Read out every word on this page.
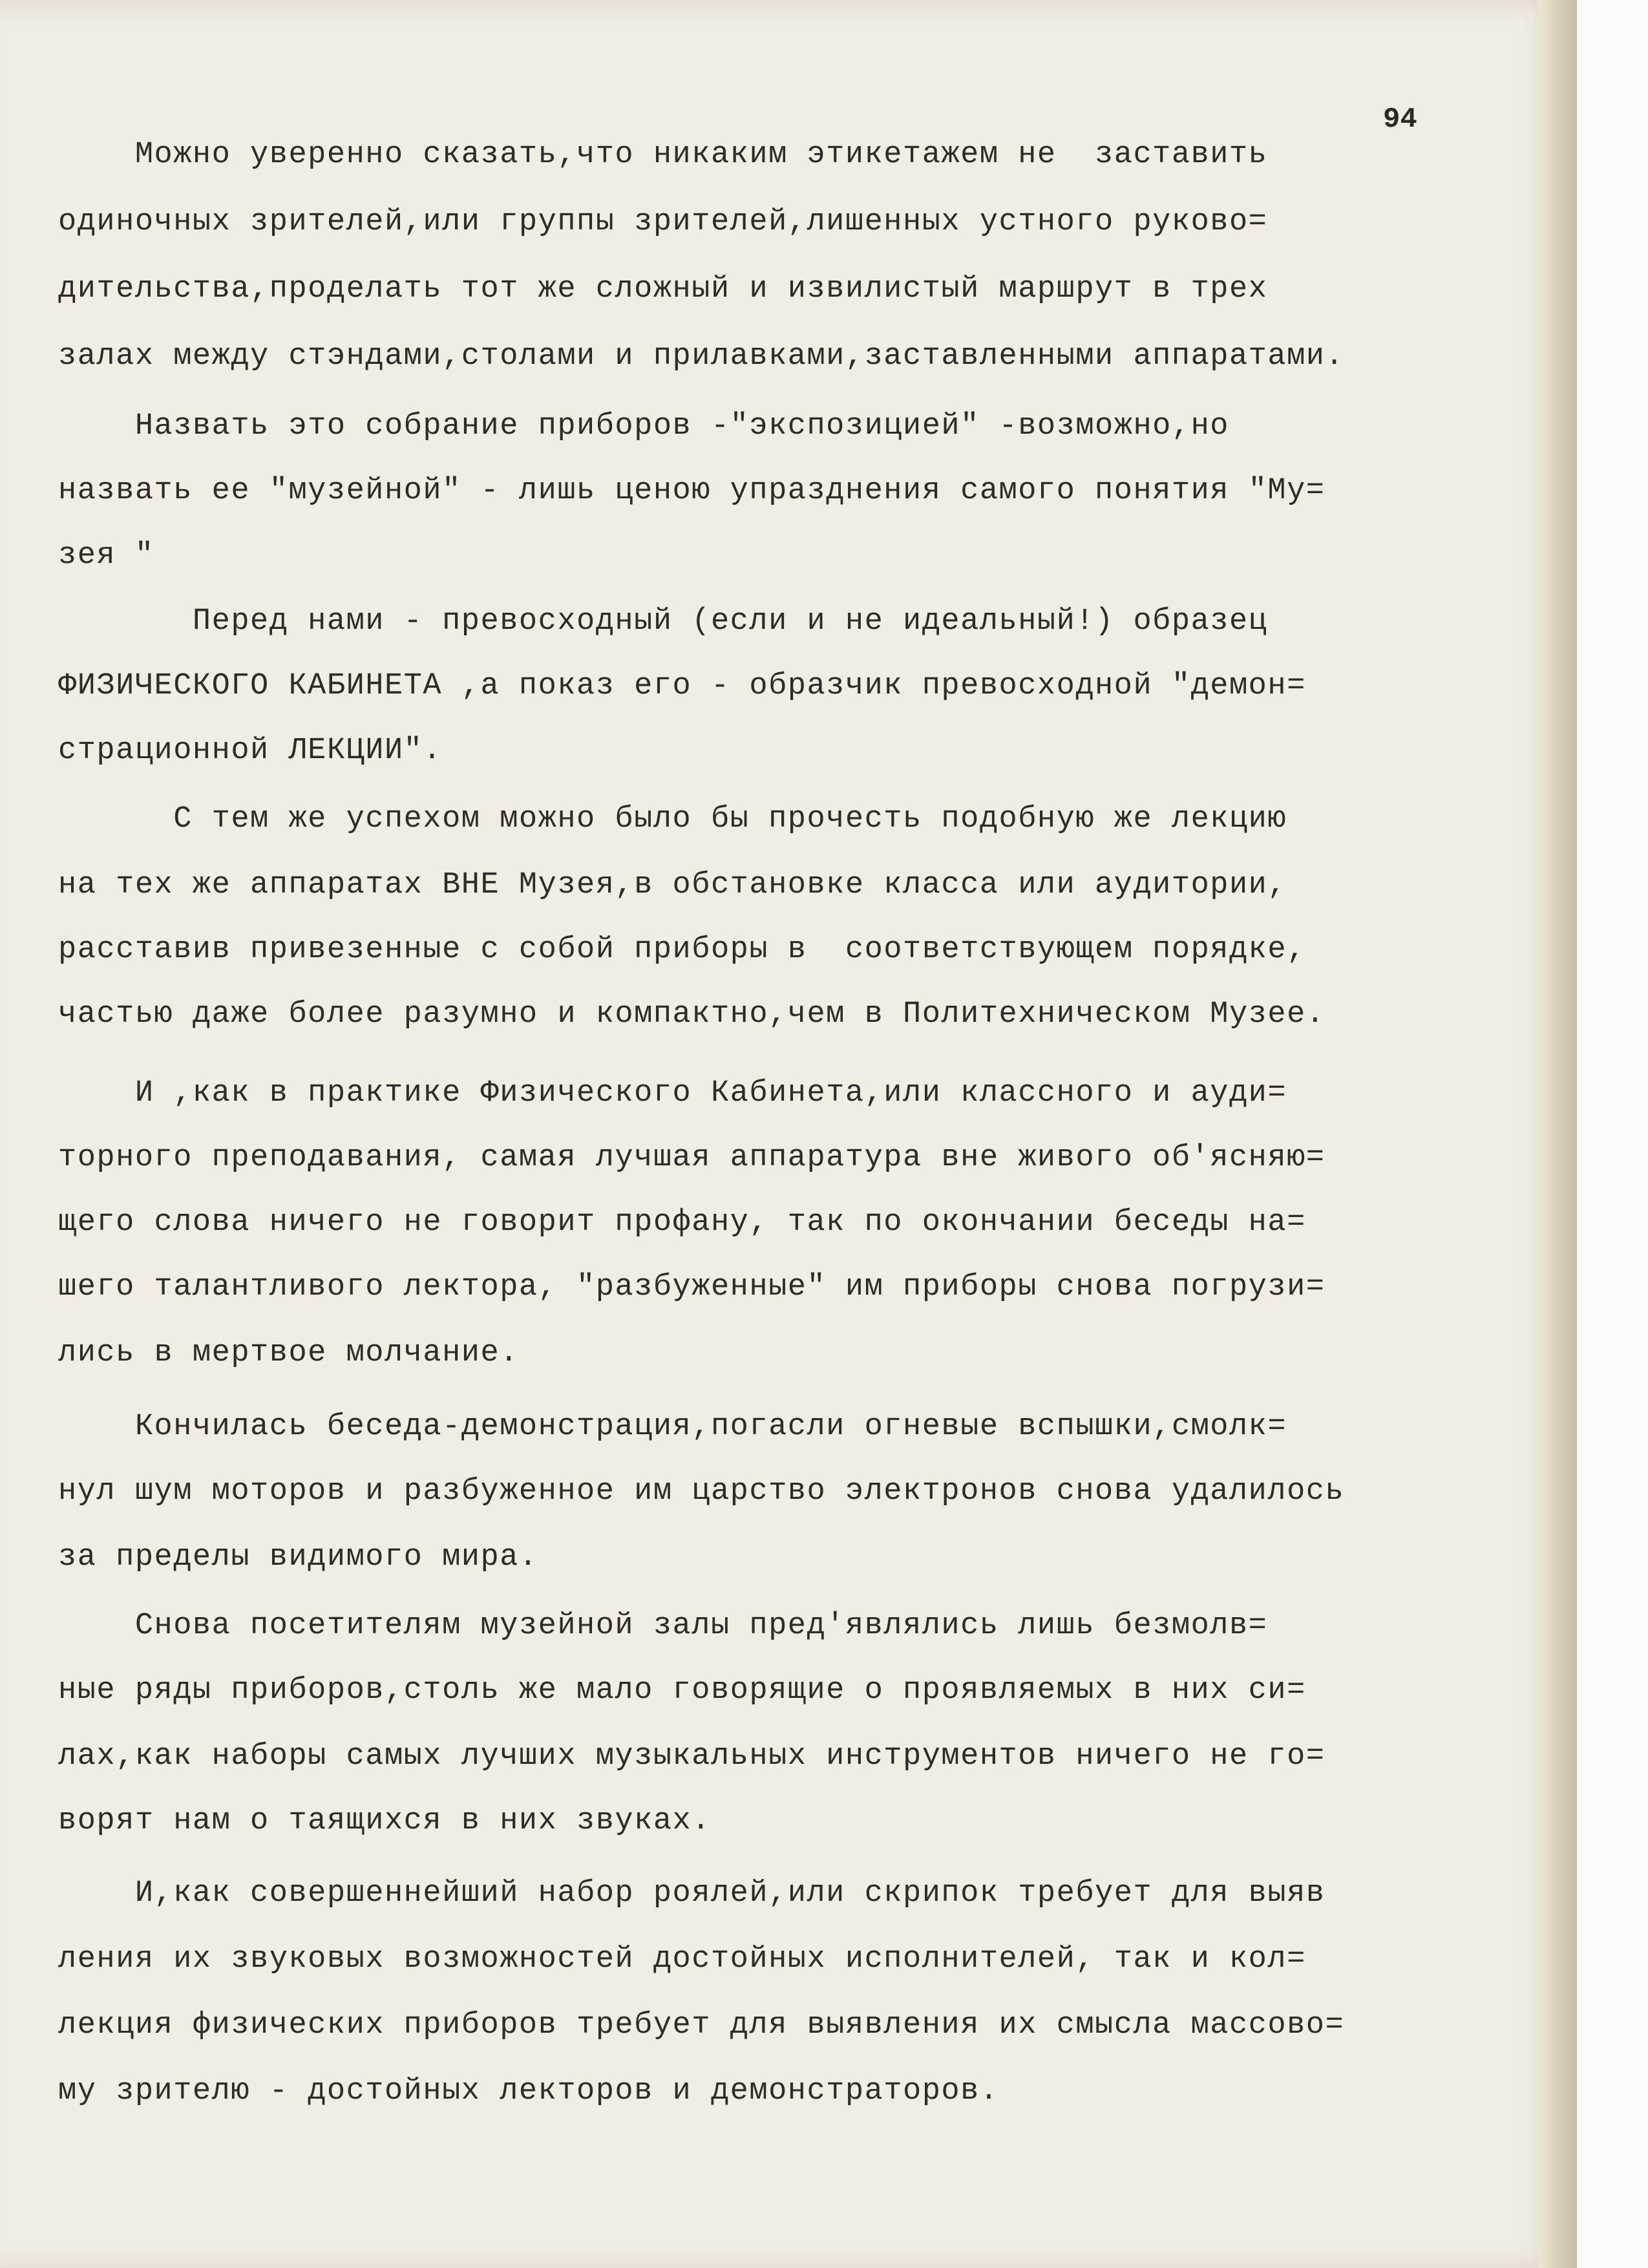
94
Можно уверенно сказать,что никаким этикетажем не  заставить
одиночных зрителей,или группы зрителей,лишенных устного руково=
дительства,проделать тот же сложный и извилистый маршрут в трех
залах между стэндами,столами и прилавками,заставленными аппаратами.
Назвать это собрание приборов -"экспозицией" -возможно,но
назвать ее "музейной" - лишь ценою упразднения самого понятия "Му=
зея "
Перед нами - превосходный (если и не идеальный!) образец
ФИЗИЧЕСКОГО КАБИНЕТА ,а показ его - образчик превосходной "демон=
страционной ЛЕКЦИИ".
С тем же успехом можно было бы прочесть подобную же лекцию
на тех же аппаратах ВНЕ Музея,в обстановке класса или аудитории,
расставив привезенные с собой приборы в  соответствующем порядке,
частью даже более разумно и компактно,чем в Политехническом Музее.
И ,как в практике Физического Кабинета,или классного и ауди=
торного преподавания, самая лучшая аппаратура вне живого об'ясняю=
щего слова ничего не говорит профану, так по окончании беседы на=
шего талантливого лектора, "разбуженные" им приборы снова погрузи=
лись в мертвое молчание.
Кончилась беседа-демонстрация,погасли огневые вспышки,смолк=
нул шум моторов и разбуженное им царство электронов снова удалилось
за пределы видимого мира.
Снова посетителям музейной залы пред'являлись лишь безмолв=
ные ряды приборов,столь же мало говорящие о проявляемых в них си=
лах,как наборы самых лучших музыкальных инструментов ничего не го=
ворят нам о таящихся в них звуках.
И,как совершеннейший набор роялей,или скрипок требует для выяв
ления их звуковых возможностей достойных исполнителей, так и кол=
лекция физических приборов требует для выявления их смысла массово=
му зрителю - достойных лекторов и демонстраторов.
